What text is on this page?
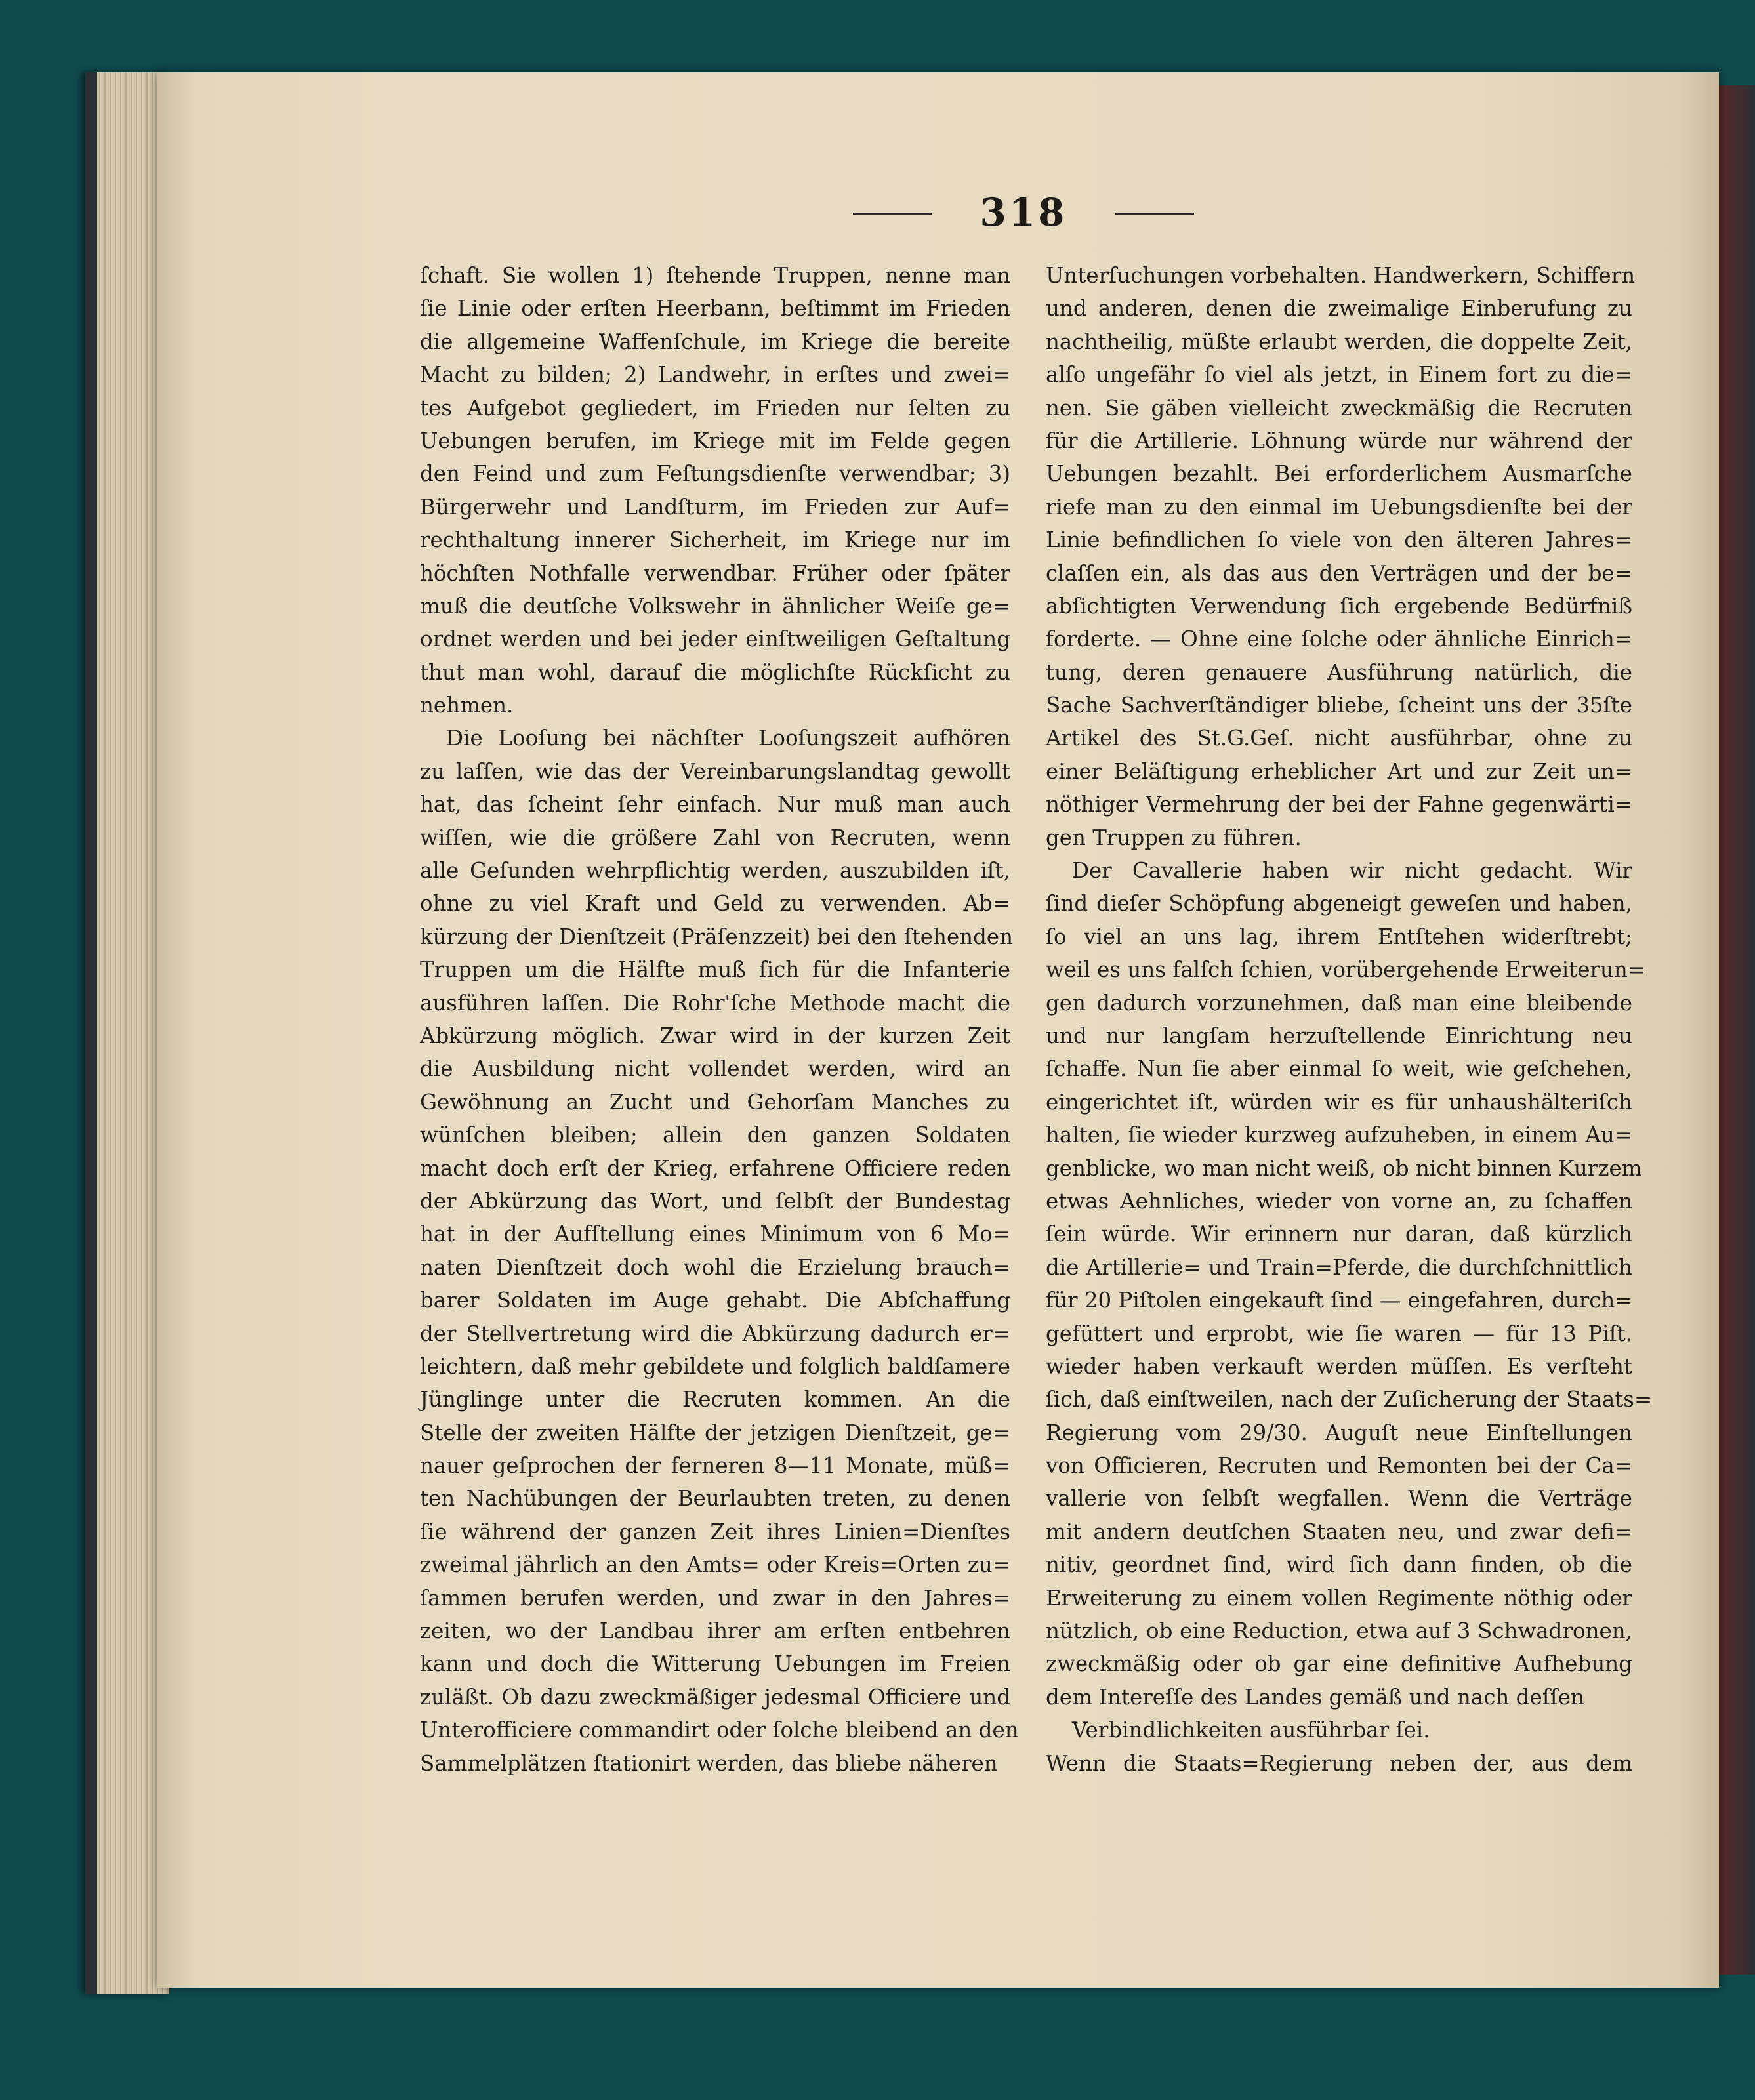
318
ſchaft. Sie wollen 1) ſtehende Truppen, nenne man
ſie Linie oder erſten Heerbann, beſtimmt im Frieden
die allgemeine Waffenſchule, im Kriege die bereite
Macht zu bilden; 2) Landwehr, in erſtes und zwei=
tes Aufgebot gegliedert, im Frieden nur ſelten zu
Uebungen berufen, im Kriege mit im Felde gegen
den Feind und zum Feſtungsdienſte verwendbar; 3)
Bürgerwehr und Landſturm, im Frieden zur Auf=
rechthaltung innerer Sicherheit, im Kriege nur im
höchſten Nothfalle verwendbar. Früher oder ſpäter
muß die deutſche Volkswehr in ähnlicher Weiſe ge=
ordnet werden und bei jeder einſtweiligen Geſtaltung
thut man wohl, darauf die möglichſte Rückſicht zu
nehmen.
Die Looſung bei nächſter Looſungszeit aufhören
zu laſſen, wie das der Vereinbarungslandtag gewollt
hat, das ſcheint ſehr einfach. Nur muß man auch
wiſſen, wie die größere Zahl von Recruten, wenn
alle Geſunden wehrpflichtig werden, auszubilden iſt,
ohne zu viel Kraft und Geld zu verwenden. Ab=
kürzung der Dienſtzeit (Präſenzzeit) bei den ſtehenden
Truppen um die Hälfte muß ſich für die Infanterie
ausführen laſſen. Die Rohr'ſche Methode macht die
Abkürzung möglich. Zwar wird in der kurzen Zeit
die Ausbildung nicht vollendet werden, wird an
Gewöhnung an Zucht und Gehorſam Manches zu
wünſchen bleiben; allein den ganzen Soldaten
macht doch erſt der Krieg, erfahrene Officiere reden
der Abkürzung das Wort, und ſelbſt der Bundestag
hat in der Aufſtellung eines Minimum von 6 Mo=
naten Dienſtzeit doch wohl die Erzielung brauch=
barer Soldaten im Auge gehabt. Die Abſchaffung
der Stellvertretung wird die Abkürzung dadurch er=
leichtern, daß mehr gebildete und folglich baldſamere
Jünglinge unter die Recruten kommen. An die
Stelle der zweiten Hälfte der jetzigen Dienſtzeit, ge=
nauer geſprochen der ferneren 8—11 Monate, müß=
ten Nachübungen der Beurlaubten treten, zu denen
ſie während der ganzen Zeit ihres Linien=Dienſtes
zweimal jährlich an den Amts= oder Kreis=Orten zu=
ſammen berufen werden, und zwar in den Jahres=
zeiten, wo der Landbau ihrer am erſten entbehren
kann und doch die Witterung Uebungen im Freien
zuläßt. Ob dazu zweckmäßiger jedesmal Officiere und
Unterofficiere commandirt oder ſolche bleibend an den
Sammelplätzen ſtationirt werden, das bliebe näheren
Unterſuchungen vorbehalten. Handwerkern, Schiffern
und anderen, denen die zweimalige Einberufung zu
nachtheilig, müßte erlaubt werden, die doppelte Zeit,
alſo ungefähr ſo viel als jetzt, in Einem fort zu die=
nen. Sie gäben vielleicht zweckmäßig die Recruten
für die Artillerie. Löhnung würde nur während der
Uebungen bezahlt. Bei erforderlichem Ausmarſche
riefe man zu den einmal im Uebungsdienſte bei der
Linie befindlichen ſo viele von den älteren Jahres=
claſſen ein, als das aus den Verträgen und der be=
abſichtigten Verwendung ſich ergebende Bedürfniß
forderte. — Ohne eine ſolche oder ähnliche Einrich=
tung, deren genauere Ausführung natürlich, die
Sache Sachverſtändiger bliebe, ſcheint uns der 35ſte
Artikel des St.G.Geſ. nicht ausführbar, ohne zu
einer Beläſtigung erheblicher Art und zur Zeit un=
nöthiger Vermehrung der bei der Fahne gegenwärti=
gen Truppen zu führen.
Der Cavallerie haben wir nicht gedacht. Wir
ſind dieſer Schöpfung abgeneigt geweſen und haben,
ſo viel an uns lag, ihrem Entſtehen widerſtrebt;
weil es uns falſch ſchien, vorübergehende Erweiterun=
gen dadurch vorzunehmen, daß man eine bleibende
und nur langſam herzuſtellende Einrichtung neu
ſchaffe. Nun ſie aber einmal ſo weit, wie geſchehen,
eingerichtet iſt, würden wir es für unhaushälteriſch
halten, ſie wieder kurzweg aufzuheben, in einem Au=
genblicke, wo man nicht weiß, ob nicht binnen Kurzem
etwas Aehnliches, wieder von vorne an, zu ſchaffen
ſein würde. Wir erinnern nur daran, daß kürzlich
die Artillerie= und Train=Pferde, die durchſchnittlich
für 20 Piſtolen eingekauft ſind — eingefahren, durch=
gefüttert und erprobt, wie ſie waren — für 13 Piſt.
wieder haben verkauft werden müſſen. Es verſteht
ſich, daß einſtweilen, nach der Zuſicherung der Staats=
Regierung vom 29/30. Auguſt neue Einſtellungen
von Officieren, Recruten und Remonten bei der Ca=
vallerie von ſelbſt wegfallen. Wenn die Verträge
mit andern deutſchen Staaten neu, und zwar defi=
nitiv, geordnet ſind, wird ſich dann finden, ob die
Erweiterung zu einem vollen Regimente nöthig oder
nützlich, ob eine Reduction, etwa auf 3 Schwadronen,
zweckmäßig oder ob gar eine definitive Aufhebung
dem Intereſſe des Landes gemäß und nach deſſen
Verbindlichkeiten ausführbar ſei.
Wenn die Staats=Regierung neben der, aus dem
